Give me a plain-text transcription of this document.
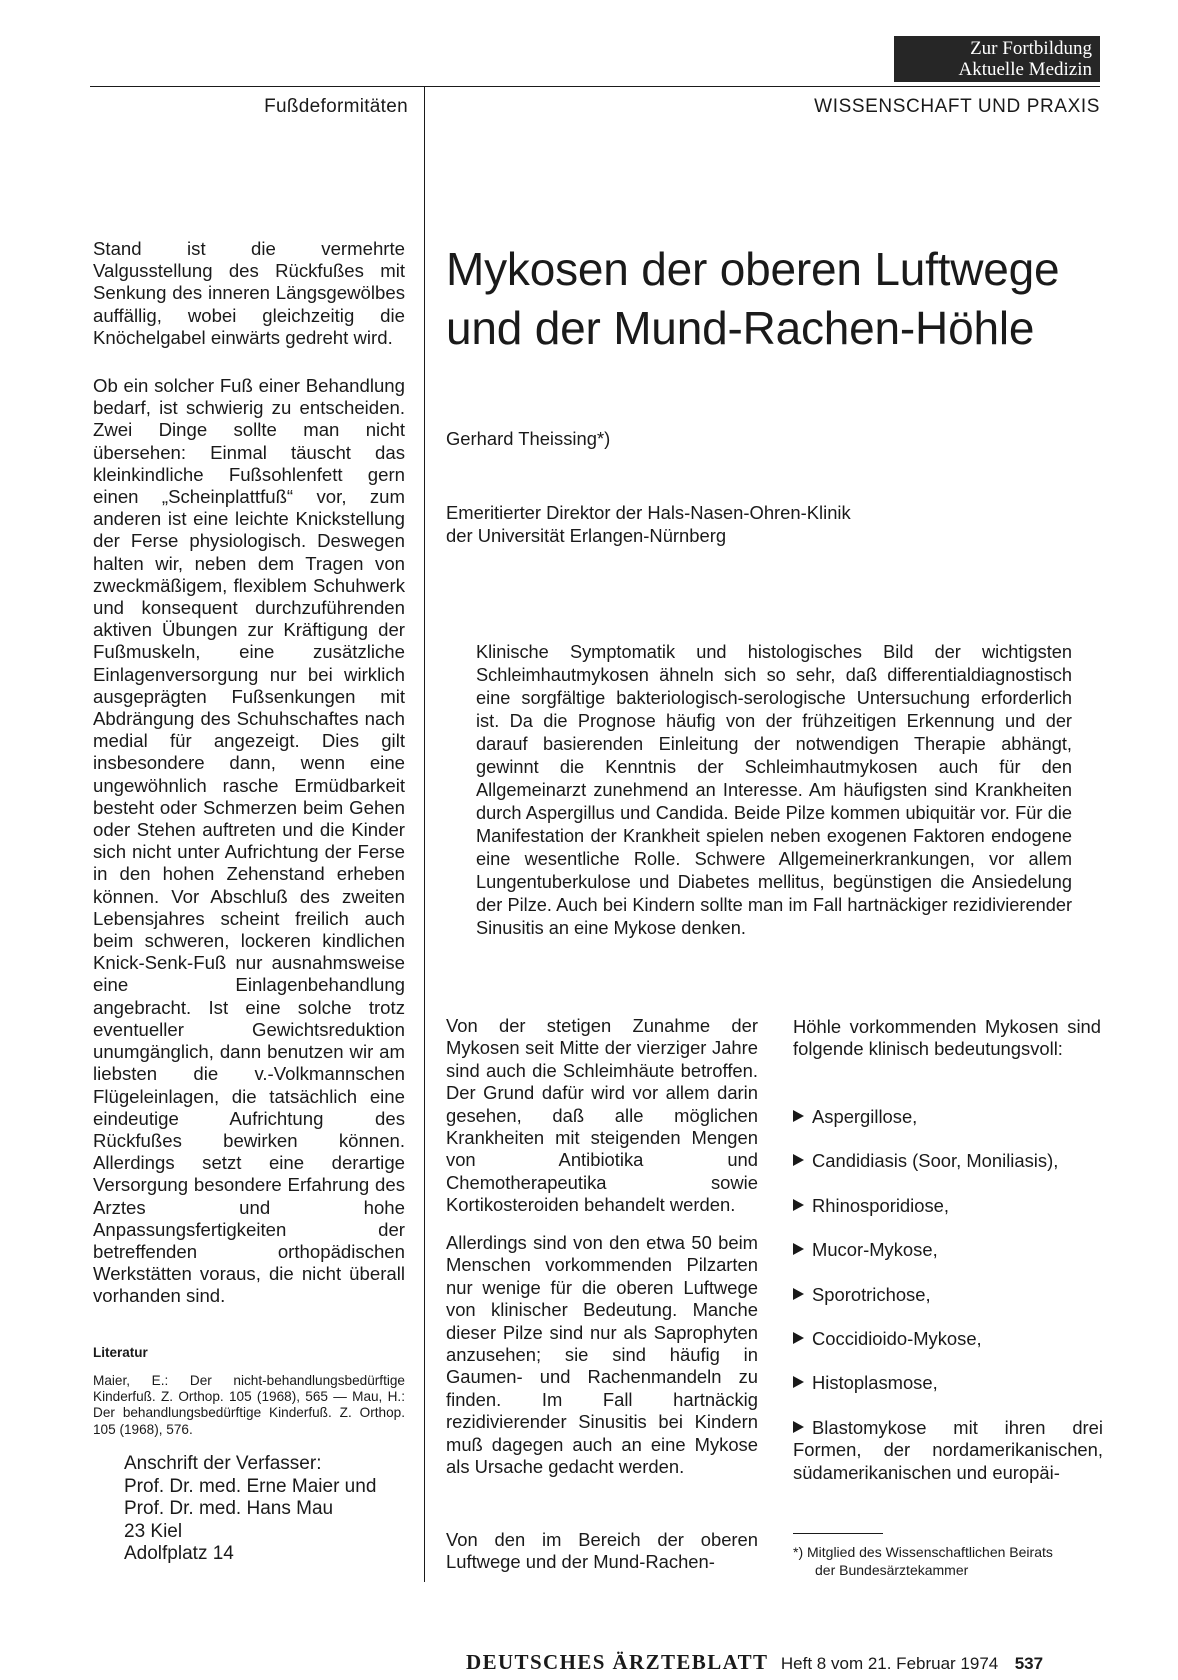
Zur Fortbildung
Aktuelle Medizin
Fußdeformitäten	WISSENSCHAFT UND PRAXIS

Stand ist die vermehrte Valgusstellung des Rückfußes mit Senkung des inneren Längsgewölbes auffällig, wobei gleichzeitig die Knöchelgabel einwärts gedreht wird.

Ob ein solcher Fuß einer Behandlung bedarf, ist schwierig zu entscheiden. Zwei Dinge sollte man nicht übersehen: Einmal täuscht das kleinkindliche Fußsohlenfett gern einen „Scheinplattfuß“ vor, zum anderen ist eine leichte Knickstellung der Ferse physiologisch. Deswegen halten wir, neben dem Tragen von zweckmäßigem, flexiblem Schuhwerk und konsequent durchzuführenden aktiven Übungen zur Kräftigung der Fußmuskeln, eine zusätzliche Einlagenversorgung nur bei wirklich ausgeprägten Fußsenkungen mit Abdrängung des Schuhschaftes nach medial für angezeigt. Dies gilt insbesondere dann, wenn eine ungewöhnlich rasche Ermüdbarkeit besteht oder Schmerzen beim Gehen oder Stehen auftreten und die Kinder sich nicht unter Aufrichtung der Ferse in den hohen Zehenstand erheben können. Vor Abschluß des zweiten Lebensjahres scheint freilich auch beim schweren, lockeren kindlichen Knick-Senk-Fuß nur ausnahmsweise eine Einlagenbehandlung angebracht. Ist eine solche trotz eventueller Gewichtsreduktion unumgänglich, dann benutzen wir am liebsten die v.-Volkmannschen Flügeleinlagen, die tatsächlich eine eindeutige Aufrichtung des Rückfußes bewirken können. Allerdings setzt eine derartige Versorgung besondere Erfahrung des Arztes und hohe Anpassungsfertigkeiten der betreffenden orthopädischen Werkstätten voraus, die nicht überall vorhanden sind.

Literatur
Maier, E.: Der nicht-behandlungsbedürftige Kinderfuß. Z. Orthop. 105 (1968), 565 — Mau, H.: Der behandlungsbedürftige Kinderfuß. Z. Orthop. 105 (1968), 576.
Anschrift der Verfasser:
Prof. Dr. med. Erne Maier und
Prof. Dr. med. Hans Mau
23 Kiel
Adolfplatz 14
Mykosen der oberen Luftwege
und der Mund-Rachen-Höhle
Gerhard Theissing*)
Emeritierter Direktor der Hals-Nasen-Ohren-Klinik
der Universität Erlangen-Nürnberg

Klinische Symptomatik und histologisches Bild der wichtigsten Schleimhautmykosen ähneln sich so sehr, daß differentialdiagnostisch eine sorgfältige bakteriologisch-serologische Untersuchung erforderlich ist. Da die Prognose häufig von der frühzeitigen Erkennung und der darauf basierenden Einleitung der notwendigen Therapie abhängt, gewinnt die Kenntnis der Schleimhautmykosen auch für den Allgemeinarzt zunehmend an Interesse. Am häufigsten sind Krankheiten durch Aspergillus und Candida. Beide Pilze kommen ubiquitär vor. Für die Manifestation der Krankheit spielen neben exogenen Faktoren endogene eine wesentliche Rolle. Schwere Allgemeinerkrankungen, vor allem Lungentuberkulose und Diabetes mellitus, begünstigen die Ansiedelung der Pilze. Auch bei Kindern sollte man im Fall hartnäckiger rezidivierender Sinusitis an eine Mykose denken.

Von der stetigen Zunahme der Mykosen seit Mitte der vierziger Jahre sind auch die Schleimhäute betroffen. Der Grund dafür wird vor allem darin gesehen, daß alle möglichen Krankheiten mit steigenden Mengen von Antibiotika und Chemotherapeutika sowie Kortikosteroiden behandelt werden.

Allerdings sind von den etwa 50 beim Menschen vorkommenden Pilzarten nur wenige für die oberen Luftwege von klinischer Bedeutung. Manche dieser Pilze sind nur als Saprophyten anzusehen; sie sind häufig in Gaumen- und Rachenmandeln zu finden. Im Fall hartnäckig rezidivierender Sinusitis bei Kindern muß dagegen auch an eine Mykose als Ursache gedacht werden.

Von den im Bereich der oberen Luftwege und der Mund-Rachen-

Höhle vorkommenden Mykosen sind folgende klinisch bedeutungsvoll:
Aspergillose,
Candidiasis (Soor, Moniliasis),
Rhinosporidiose,
Mucor-Mykose,
Sporotrichose,
Coccidioido-Mykose,
Histoplasmose,
Blastomykose mit ihren drei Formen, der nordamerikanischen, südamerikanischen und europäi-
*) Mitglied des Wissenschaftlichen Beirats
der Bundesärztekammer
DEUTSCHES ÄRZTEBLATT Heft 8 vom 21. Februar 1974 537
